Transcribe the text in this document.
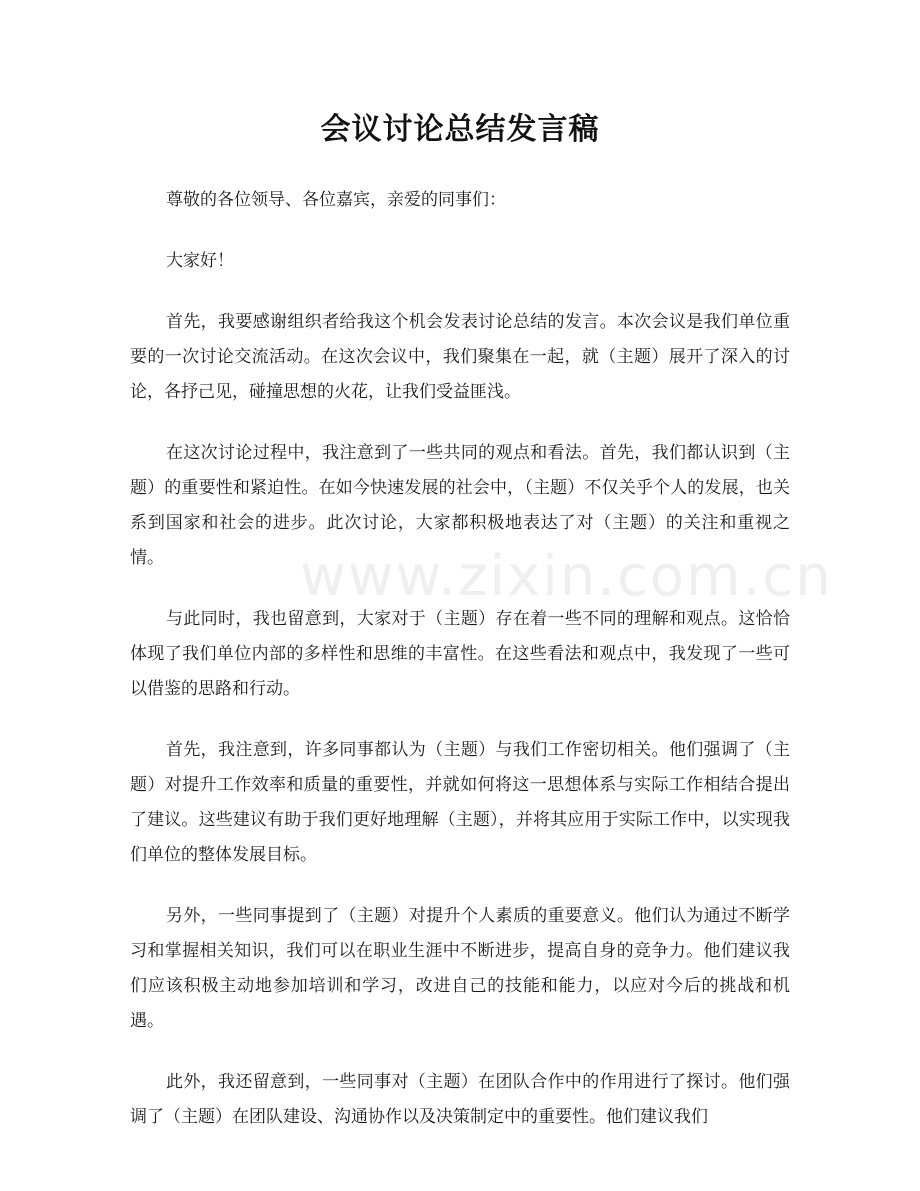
www.zixin.com.cn
会议讨论总结发言稿

尊敬的各位领导、各位嘉宾，亲爱的同事们：

大家好！

首先，我要感谢组织者给我这个机会发表讨论总结的发言。本次会议是我们单位重要的一次讨论交流活动。在这次会议中，我们聚集在一起，就（主题）展开了深入的讨论，各抒己见，碰撞思想的火花，让我们受益匪浅。

在这次讨论过程中，我注意到了一些共同的观点和看法。首先，我们都认识到（主题）的重要性和紧迫性。在如今快速发展的社会中，（主题）不仅关乎个人的发展，也关系到国家和社会的进步。此次讨论，大家都积极地表达了对（主题）的关注和重视之情。

与此同时，我也留意到，大家对于（主题）存在着一些不同的理解和观点。这恰恰体现了我们单位内部的多样性和思维的丰富性。在这些看法和观点中，我发现了一些可以借鉴的思路和行动。

首先，我注意到，许多同事都认为（主题）与我们工作密切相关。他们强调了（主题）对提升工作效率和质量的重要性，并就如何将这一思想体系与实际工作相结合提出了建议。这些建议有助于我们更好地理解（主题），并将其应用于实际工作中，以实现我们单位的整体发展目标。

另外，一些同事提到了（主题）对提升个人素质的重要意义。他们认为通过不断学习和掌握相关知识，我们可以在职业生涯中不断进步，提高自身的竞争力。他们建议我们应该积极主动地参加培训和学习，改进自己的技能和能力，以应对今后的挑战和机遇。

此外，我还留意到，一些同事对（主题）在团队合作中的作用进行了探讨。他们强调了（主题）在团队建设、沟通协作以及决策制定中的重要性。他们建议我们
